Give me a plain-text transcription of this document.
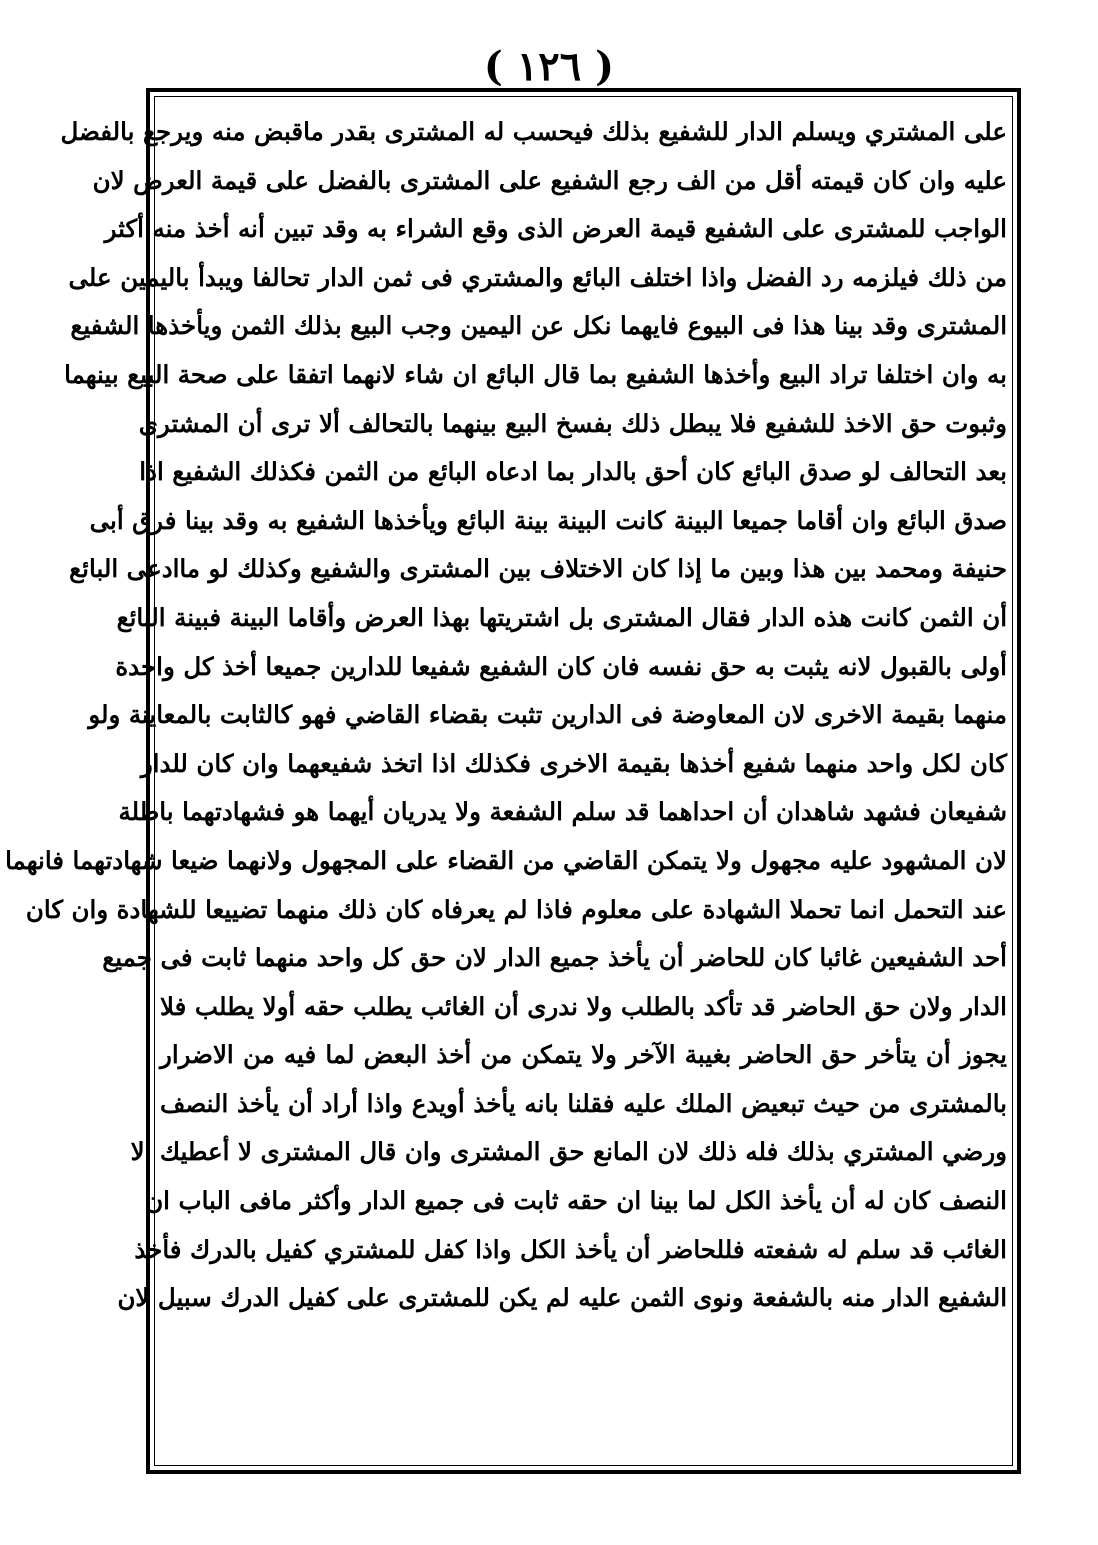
( ١٢٦ )
على المشتري ويسلم الدار للشفيع بذلك فيحسب له المشترى بقدر ماقبض منه ويرجع بالفضل
عليه وان كان قيمته أقل من الف رجع الشفيع على المشترى بالفضل على قيمة العرض لان
الواجب للمشترى على الشفيع قيمة العرض الذى وقع الشراء به وقد تبين أنه أخذ منه أكثر
من ذلك فيلزمه رد الفضل واذا اختلف البائع والمشتري فى ثمن الدار تحالفا ويبدأ باليمين على
المشترى وقد بينا هذا فى البيوع فايهما نكل عن اليمين وجب البيع بذلك الثمن ويأخذها الشفيع
به وان اختلفا تراد البيع وأخذها الشفيع بما قال البائع ان شاء لانهما اتفقا على صحة البيع بينهما
وثبوت حق الاخذ للشفيع فلا يبطل ذلك بفسخ البيع بينهما بالتحالف ألا ترى أن المشترى
بعد التحالف لو صدق البائع كان أحق بالدار بما ادعاه البائع من الثمن فكذلك الشفيع اذا
صدق البائع وان أقاما جميعا البينة كانت البينة بينة البائع ويأخذها الشفيع به وقد بينا فرق أبى
حنيفة ومحمد بين هذا وبين ما إذا كان الاختلاف بين المشترى والشفيع وكذلك لو ماادعى البائع
أن الثمن كانت هذه الدار فقال المشترى بل اشتريتها بهذا العرض وأقاما البينة فبينة البائع
أولى بالقبول لانه يثبت به حق نفسه فان كان الشفيع شفيعا للدارين جميعا أخذ كل واحدة
منهما بقيمة الاخرى لان المعاوضة فى الدارين تثبت بقضاء القاضي فهو كالثابت بالمعاينة ولو
كان لكل واحد منهما شفيع أخذها بقيمة الاخرى فكذلك اذا اتخذ شفيعهما وان كان للدار
شفيعان فشهد شاهدان أن احداهما قد سلم الشفعة ولا يدريان أيهما هو فشهادتهما باطلة
لان المشهود عليه مجهول ولا يتمكن القاضي من القضاء على المجهول ولانهما ضيعا شهادتهما فانهما
عند التحمل انما تحملا الشهادة على معلوم فاذا لم يعرفاه كان ذلك منهما تضييعا للشهادة وان كان
أحد الشفيعين غائبا كان للحاضر أن يأخذ جميع الدار لان حق كل واحد منهما ثابت فى جميع
الدار ولان حق الحاضر قد تأكد بالطلب ولا ندرى أن الغائب يطلب حقه أولا يطلب فلا
يجوز أن يتأخر حق الحاضر بغيبة الآخر ولا يتمكن من أخذ البعض لما فيه من الاضرار
بالمشترى من حيث تبعيض الملك عليه فقلنا بانه يأخذ أويدع واذا أراد أن يأخذ النصف
ورضي المشتري بذلك فله ذلك لان المانع حق المشترى وان قال المشترى لا أعطيك الا
النصف كان له أن يأخذ الكل لما بينا ان حقه ثابت فى جميع الدار وأكثر مافى الباب ان
الغائب قد سلم له شفعته فللحاضر أن يأخذ الكل واذا كفل للمشتري كفيل بالدرك فأخذ
الشفيع الدار منه بالشفعة ونوى الثمن عليه لم يكن للمشترى على كفيل الدرك سبيل لان
